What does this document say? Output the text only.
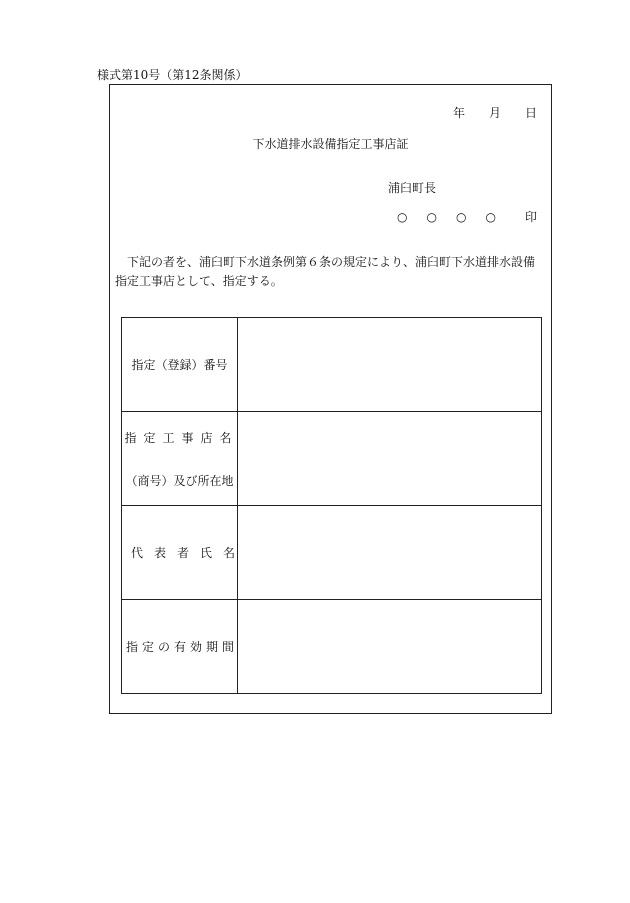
様式第10号（第12条関係）
年 月 日
下水道排水設備指定工事店証
浦臼町長
○ ○ ○ ○ 印
下記の者を、浦臼町下水道条例第６条の規定により、浦臼町下水道排水設備指定工事店として、指定する。
指定（登録）番号	

指定工事店名
（商号）及び所在地	

代表者氏名	
指定の有効期間	
